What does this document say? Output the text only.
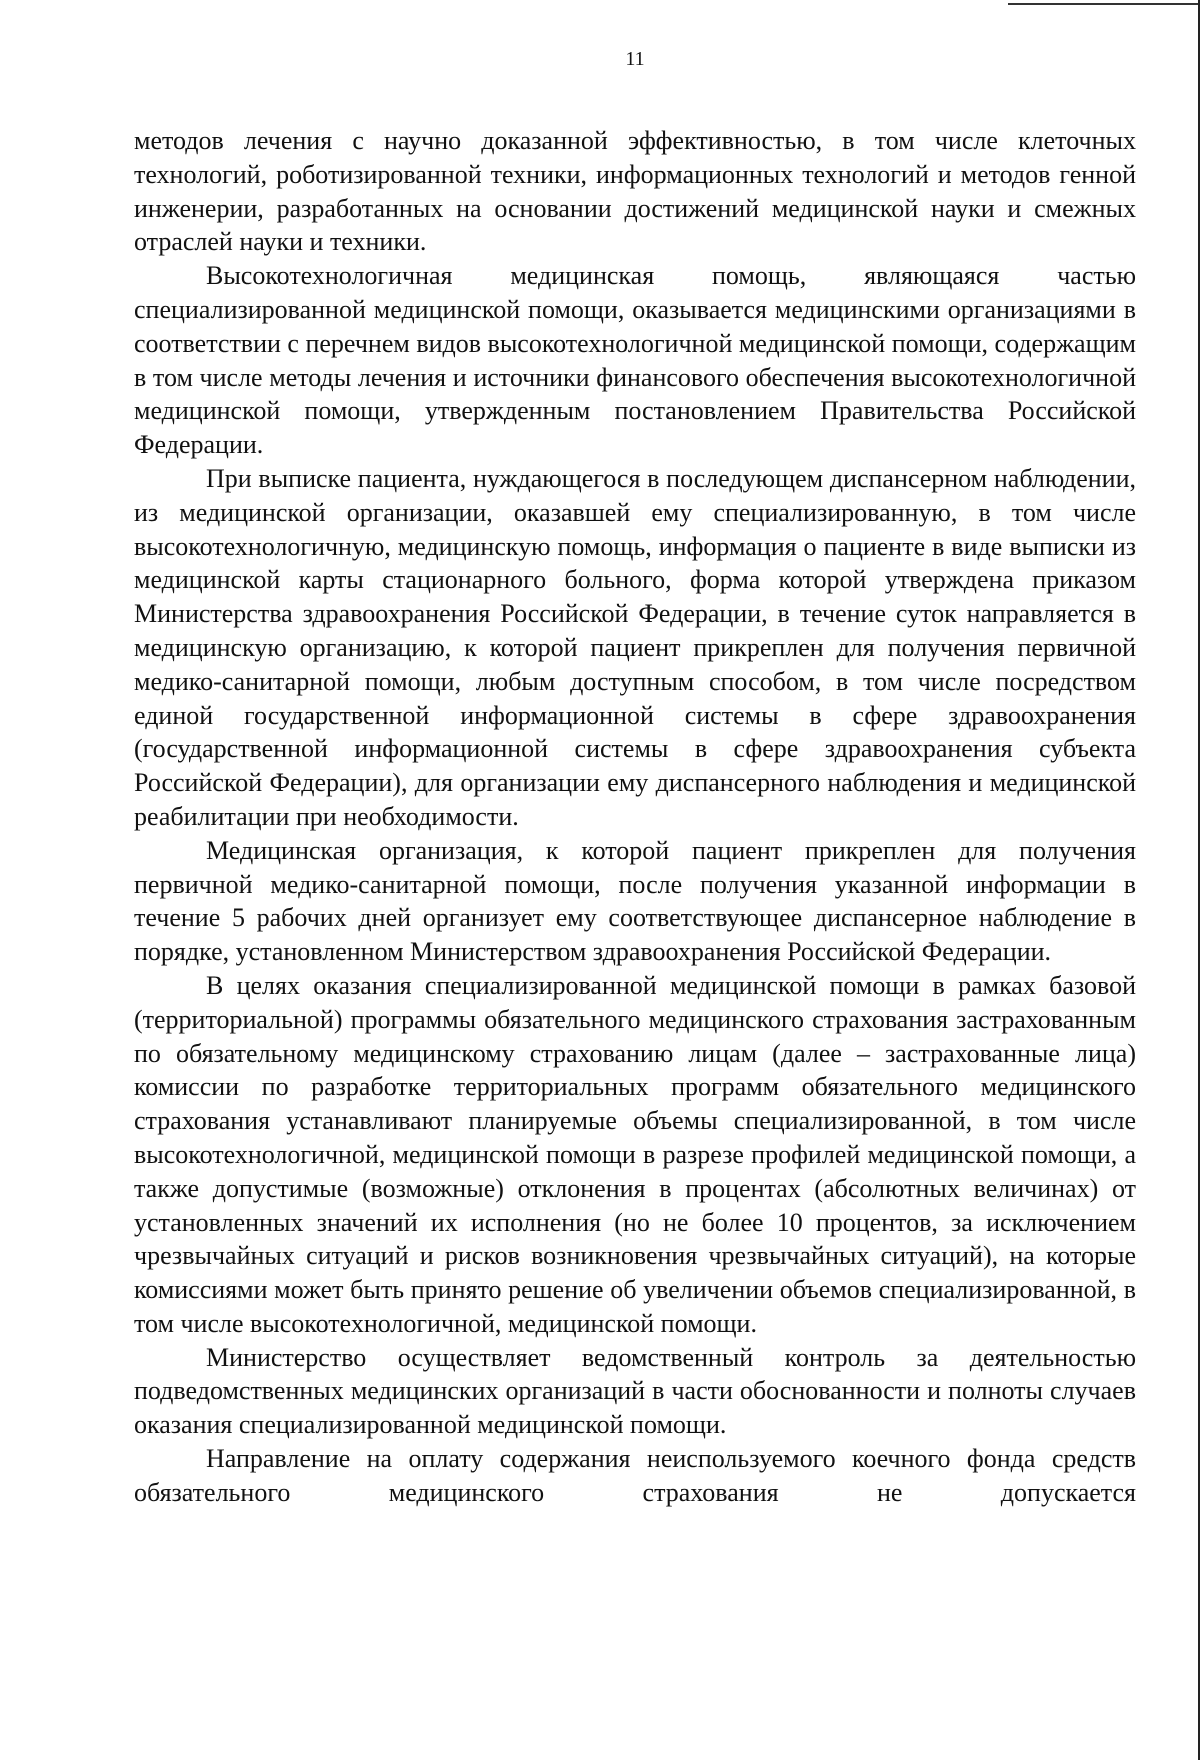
11

методов лечения с научно доказанной эффективностью, в том числе клеточных технологий, роботизированной техники, информационных технологий и методов генной инженерии, разработанных на основании достижений медицинской науки и смежных отраслей науки и техники.

Высокотехнологичная медицинская помощь, являющаяся частью специализированной медицинской помощи, оказывается медицинскими организациями в соответствии с перечнем видов высокотехнологичной медицинской помощи, содержащим в том числе методы лечения и источники финансового обеспечения высокотехнологичной медицинской помощи, утвержденным постановлением Правительства Российской Федерации.

При выписке пациента, нуждающегося в последующем диспансерном наблюдении, из медицинской организации, оказавшей ему специализированную, в том числе высокотехнологичную, медицинскую помощь, информация о пациенте в виде выписки из медицинской карты стационарного больного, форма которой утверждена приказом Министерства здравоохранения Российской Федерации, в течение суток направляется в медицинскую организацию, к которой пациент прикреплен для получения первичной медико-санитарной помощи, любым доступным способом, в том числе посредством единой государственной информационной системы в сфере здравоохранения (государственной информационной системы в сфере здравоохранения субъекта Российской Федерации), для организации ему диспансерного наблюдения и медицинской реабилитации при необходимости.

Медицинская организация, к которой пациент прикреплен для получения первичной медико-санитарной помощи, после получения указанной информации в течение 5 рабочих дней организует ему соответствующее диспансерное наблюдение в порядке, установленном Министерством здравоохранения Российской Федерации.

В целях оказания специализированной медицинской помощи в рамках базовой (территориальной) программы обязательного медицинского страхования застрахованным по обязательному медицинскому страхованию лицам (далее – застрахованные лица) комиссии по разработке территориальных программ обязательного медицинского страхования устанавливают планируемые объемы специализированной, в том числе высокотехнологичной, медицинской помощи в разрезе профилей медицинской помощи, а также допустимые (возможные) отклонения в процентах (абсолютных величинах) от установленных значений их исполнения (но не более 10 процентов, за исключением чрезвычайных ситуаций и рисков возникновения чрезвычайных ситуаций), на которые комиссиями может быть принято решение об увеличении объемов специализированной, в том числе высокотехнологичной, медицинской помощи.

Министерство осуществляет ведомственный контроль за деятельностью подведомственных медицинских организаций в части обоснованности и полноты случаев оказания специализированной медицинской помощи.

Направление на оплату содержания неиспользуемого коечного фонда средств обязательного медицинского страхования не допускается
